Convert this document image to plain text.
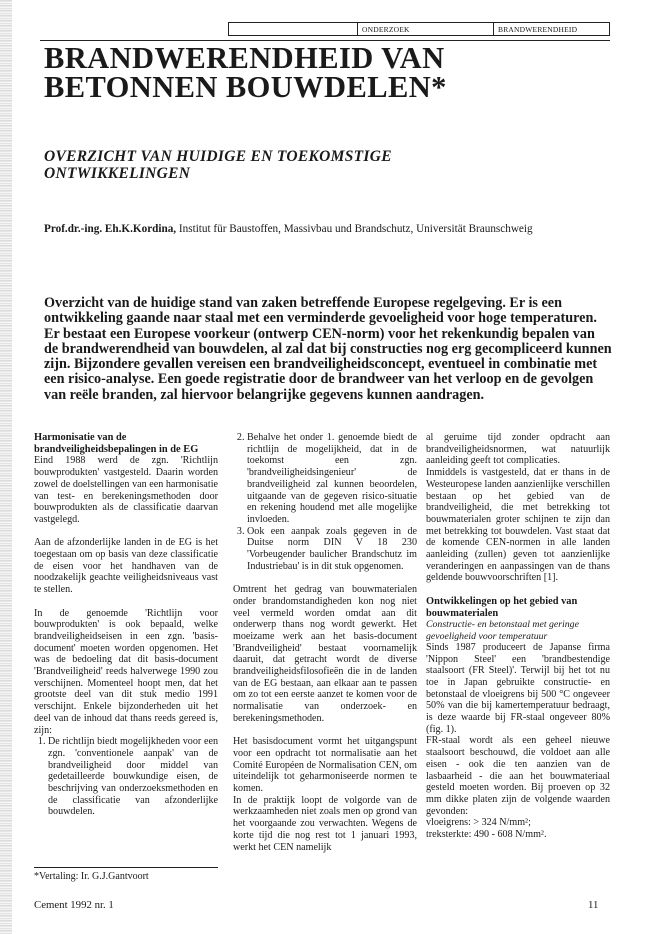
ONDERZOEK	BRANDWERENDHEID
BRANDWERENDHEID VAN
BETONNEN BOUWDELEN*
OVERZICHT VAN HUIDIGE EN TOEKOMSTIGE
ONTWIKKELINGEN
Prof.dr.-ing. Eh.K.Kordina, Institut für Baustoffen, Massivbau und Brandschutz, Universität Braunschweig

Overzicht van de huidige stand van zaken betreffende Europese regelgeving. Er is een ontwikkeling gaande naar staal met een verminderde gevoeligheid voor hoge temperaturen. Er bestaat een Europese voorkeur (ontwerp CEN-norm) voor het rekenkundig bepalen van de brandwerendheid van bouwdelen, al zal dat bij constructies nog erg gecompliceerd kunnen zijn. Bijzondere gevallen vereisen een brandveiligheidsconcept, eventueel in combinatie met een risico-analyse. Een goede registratie door de brandweer van het verloop en de gevolgen van reële branden, zal hiervoor belangrijke gegevens kunnen aandragen.

Harmonisatie van de brandveiligheidsbepalingen in de EG

Eind 1988 werd de zgn. 'Richtlijn bouwprodukten' vastgesteld. Daarin worden zowel de doelstellingen van een harmonisatie van test- en berekeningsmethoden door bouwprodukten als de classificatie daarvan vastgelegd.

Aan de afzonderlijke landen in de EG is het toegestaan om op basis van deze classificatie de eisen voor het handhaven van de noodzakelijk geachte veiligheidsniveaus vast te stellen.

In de genoemde 'Richtlijn voor bouwprodukten' is ook bepaald, welke brandveiligheidseisen in een zgn. 'basis-document' moeten worden opgenomen. Het was de bedoeling dat dit basis-document 'Brandveiligheid' reeds halverwege 1990 zou verschijnen. Momenteel hoopt men, dat het grootste deel van dit stuk medio 1991 verschijnt. Enkele bijzonderheden uit het deel van de inhoud dat thans reeds gereed is, zijn:

1. De richtlijn biedt mogelijkheden voor een zgn. 'conventionele aanpak' van de brandveiligheid door middel van gedetailleerde bouwkundige eisen, de beschrijving van onderzoeksmethoden en de classificatie van afzonderlijke bouwdelen.
2. Behalve het onder 1. genoemde biedt de richtlijn de mogelijkheid, dat in de toekomst een zgn. 'brandveiligheidsingenieur' de brandveiligheid zal kunnen beoordelen, uitgaande van de gegeven risico-situatie en rekening houdend met alle mogelijke invloeden.
3. Ook een aanpak zoals gegeven in de Duitse norm DIN V 18 230 'Vorbeugender baulicher Brandschutz im Industriebau' is in dit stuk opgenomen.

Omtrent het gedrag van bouwmaterialen onder brandomstandigheden kon nog niet veel vermeld worden omdat aan dit onderwerp thans nog wordt gewerkt. Het moeizame werk aan het basis-document 'Brandveiligheid' bestaat voornamelijk daaruit, dat getracht wordt de diverse brandveiligheidsfilosofieën die in de landen van de EG bestaan, aan elkaar aan te passen om zo tot een eerste aanzet te komen voor de normalisatie van onderzoek- en berekeningsmethoden.

Het basisdocument vormt het uitgangspunt voor een opdracht tot normalisatie aan het Comité Européen de Normalisation CEN, om uiteindelijk tot geharmoniseerde normen te komen.

In de praktijk loopt de volgorde van de werkzaamheden niet zoals men op grond van het voorgaande zou verwachten. Wegens de korte tijd die nog rest tot 1 januari 1993, werkt het CEN namelijk

al geruime tijd zonder opdracht aan brandveiligheidsnormen, wat natuurlijk aanleiding geeft tot complicaties.

Inmiddels is vastgesteld, dat er thans in de Westeuropese landen aanzienlijke verschillen bestaan op het gebied van de brandveiligheid, die met betrekking tot bouwmaterialen groter schijnen te zijn dan met betrekking tot bouwdelen. Vast staat dat de komende CEN-normen in alle landen aanleiding (zullen) geven tot aanzienlijke veranderingen en aanpassingen van de thans geldende bouwvoorschriften [1].

Ontwikkelingen op het gebied van bouwmaterialen
Constructie- en betonstaal met geringe gevoeligheid voor temperatuur

Sinds 1987 produceert de Japanse firma 'Nippon Steel' een 'brandbestendige staalsoort (FR Steel)'. Terwijl bij het tot nu toe in Japan gebruikte constructie- en betonstaal de vloeigrens bij 500 °C ongeveer 50% van die bij kamertemperatuur bedraagt, is deze waarde bij FR-staal ongeveer 80% (fig. 1).

FR-staal wordt als een geheel nieuwe staalsoort beschouwd, die voldoet aan alle eisen - ook die ten aanzien van de lasbaarheid - die aan het bouwmateriaal gesteld moeten worden. Bij proeven op 32 mm dikke platen zijn de volgende waarden gevonden:

vloeigrens: > 324 N/mm²;
treksterkte: 490 - 608 N/mm².
*Vertaling: Ir. G.J.Gantvoort
Cement 1992 nr. 1	11
